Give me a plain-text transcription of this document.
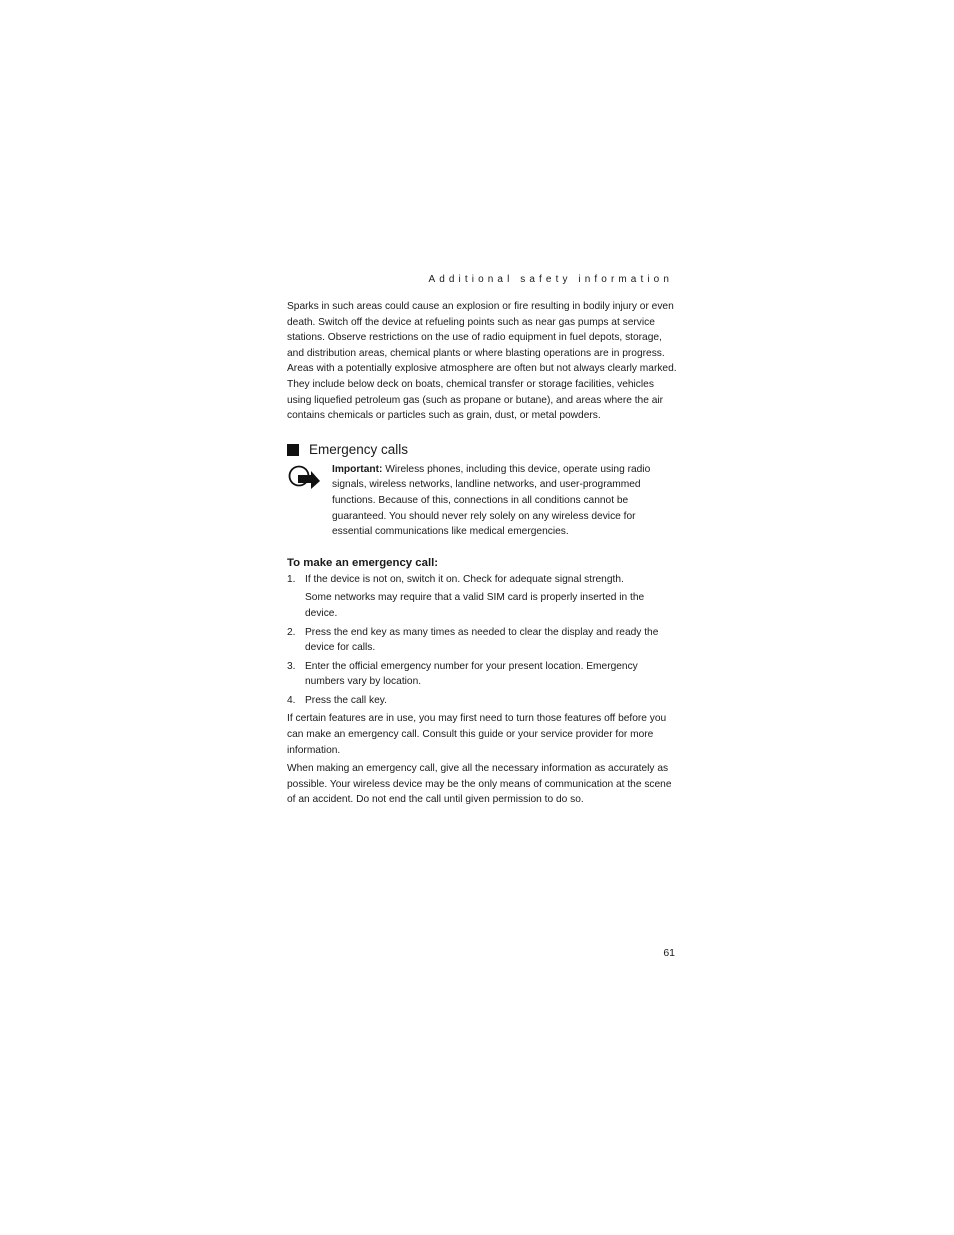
Additional safety information

Sparks in such areas could cause an explosion or fire resulting in bodily injury or even death. Switch off the device at refueling points such as near gas pumps at service stations. Observe restrictions on the use of radio equipment in fuel depots, storage, and distribution areas, chemical plants or where blasting operations are in progress. Areas with a potentially explosive atmosphere are often but not always clearly marked. They include below deck on boats, chemical transfer or storage facilities, vehicles using liquefied petroleum gas (such as propane or butane), and areas where the air contains chemicals or particles such as grain, dust, or metal powders.

Emergency calls

Important: Wireless phones, including this device, operate using radio signals, wireless networks, landline networks, and user-programmed functions. Because of this, connections in all conditions cannot be guaranteed. You should never rely solely on any wireless device for essential communications like medical emergencies.

To make an emergency call:
1. If the device is not on, switch it on. Check for adequate signal strength.

Some networks may require that a valid SIM card is properly inserted in the device.

2. Press the end key as many times as needed to clear the display and ready the device for calls.

3. Enter the official emergency number for your present location. Emergency numbers vary by location.

4. Press the call key.

If certain features are in use, you may first need to turn those features off before you can make an emergency call. Consult this guide or your service provider for more information.

When making an emergency call, give all the necessary information as accurately as possible. Your wireless device may be the only means of communication at the scene of an accident. Do not end the call until given permission to do so.

61
